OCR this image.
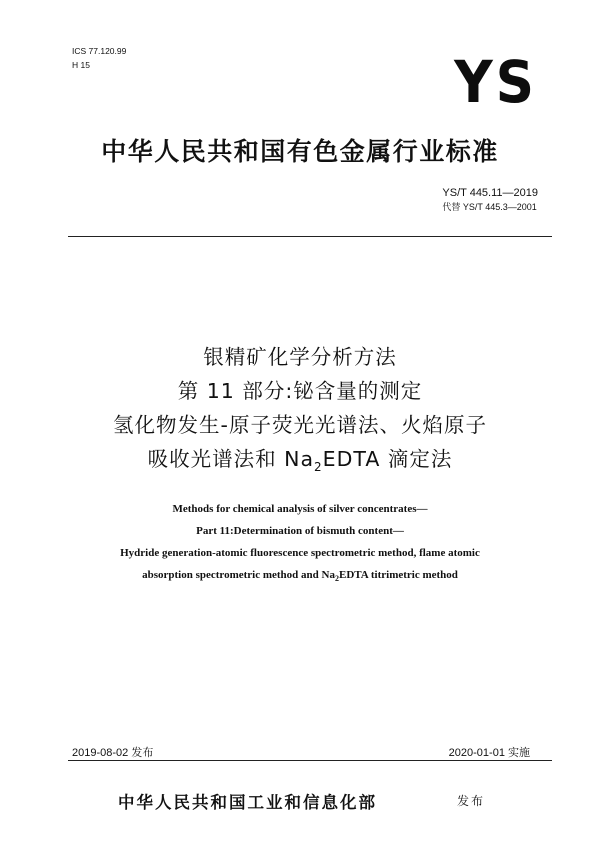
ICS 77.120.99
H 15	YS
中华人民共和国有色金属行业标准
YS/T 445.11—2019
代替 YS/T 445.3—2001
银精矿化学分析方法
第 11 部分:铋含量的测定
氢化物发生-原子荧光光谱法、火焰原子
吸收光谱法和 $Na_2EDTA$ 滴定法
Methods for chemical analysis of silver concentrates—
Part 11:Determination of bismuth content—
Hydride generation-atomic fluorescence spectrometric method, flame atomic
absorption spectrometric method and $Na_2EDTA$ titrimetric method
2019-08-02 发布	2020-01-01 实施
中华人民共和国工业和信息化部	发布
